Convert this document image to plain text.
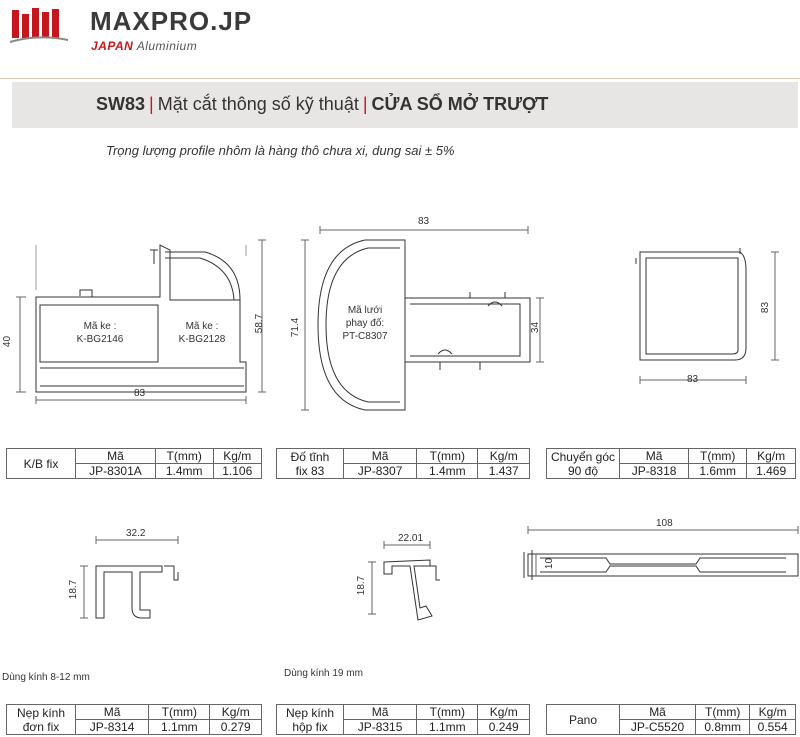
MAXPRO.JP
JAPAN Aluminium
SW83 | Mặt cắt thông số kỹ thuật | CỬA SỔ MỞ TRƯỢT
Trọng lượng profile nhôm là hàng thô chưa xi, dung sai ± 5%
83
40
58.7
Mã ke :
K-BG2146
Mã ke :
K-BG2128
83
71.4	34
Mã lưới
phay đố:
PT-C8307
83
83
32.2
18.7
Dùng kính 8-12 mm
22.01
18.7
Dùng kính 19 mm
108
10
K/B fix	Mã	T(mm)	Kg/m
	JP-8301A	1.4mm	1.106
Đố tĩnh
fix 83	Mã	T(mm)	Kg/m
	JP-8307	1.4mm	1.437
Chuyển góc
90 độ	Mã	T(mm)	Kg/m
	JP-8318	1.6mm	1.469
Nẹp kính
đơn fix	Mã	T(mm)	Kg/m
	JP-8314	1.1mm	0.279
Nẹp kính
hộp fix	Mã	T(mm)	Kg/m
	JP-8315	1.1mm	0.249
Pano	Mã	T(mm)	Kg/m
	JP-C5520	0.8mm	0.554
